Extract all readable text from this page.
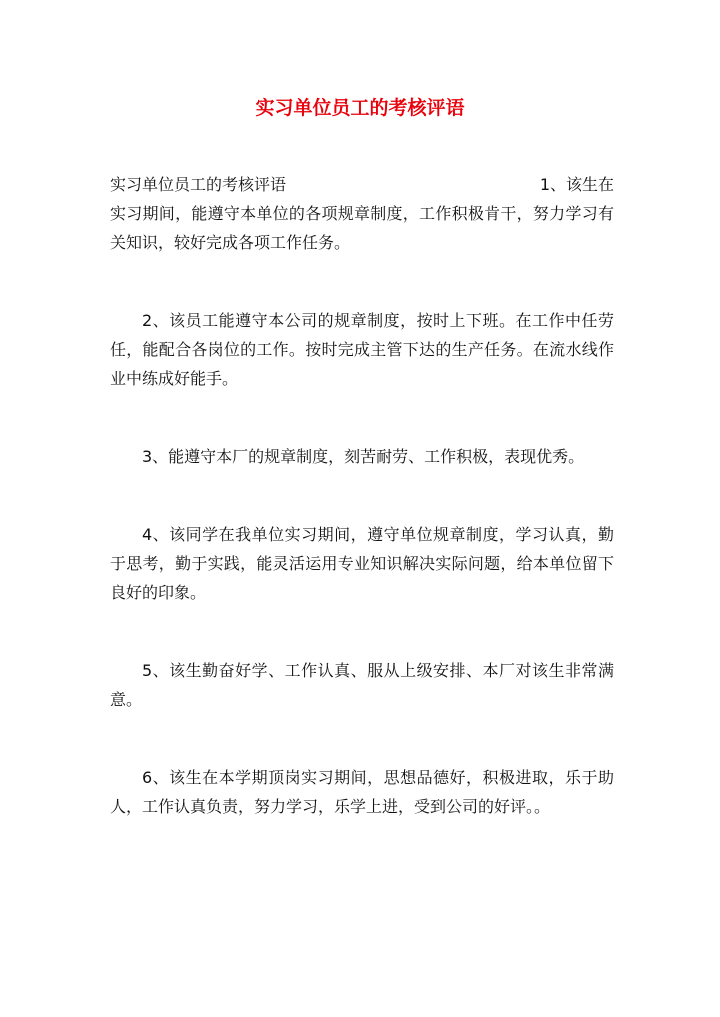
实习单位员工的考核评语
实习单位员工的考核评语	1、该生在
实习期间，能遵守本单位的各项规章制度，工作积极肯干，努力学习有关知识，较好完成各项工作任务。

2、该员工能遵守本公司的规章制度，按时上下班。在工作中任劳任，能配合各岗位的工作。按时完成主管下达的生产任务。在流水线作业中练成好能手。

3、能遵守本厂的规章制度，刻苦耐劳、工作积极，表现优秀。

4、该同学在我单位实习期间，遵守单位规章制度，学习认真，勤于思考，勤于实践，能灵活运用专业知识解决实际问题，给本单位留下良好的印象。

5、该生勤奋好学、工作认真、服从上级安排、本厂对该生非常满意。

6、该生在本学期顶岗实习期间，思想品德好，积极进取，乐于助人，工作认真负责，努力学习，乐学上进，受到公司的好评。。
